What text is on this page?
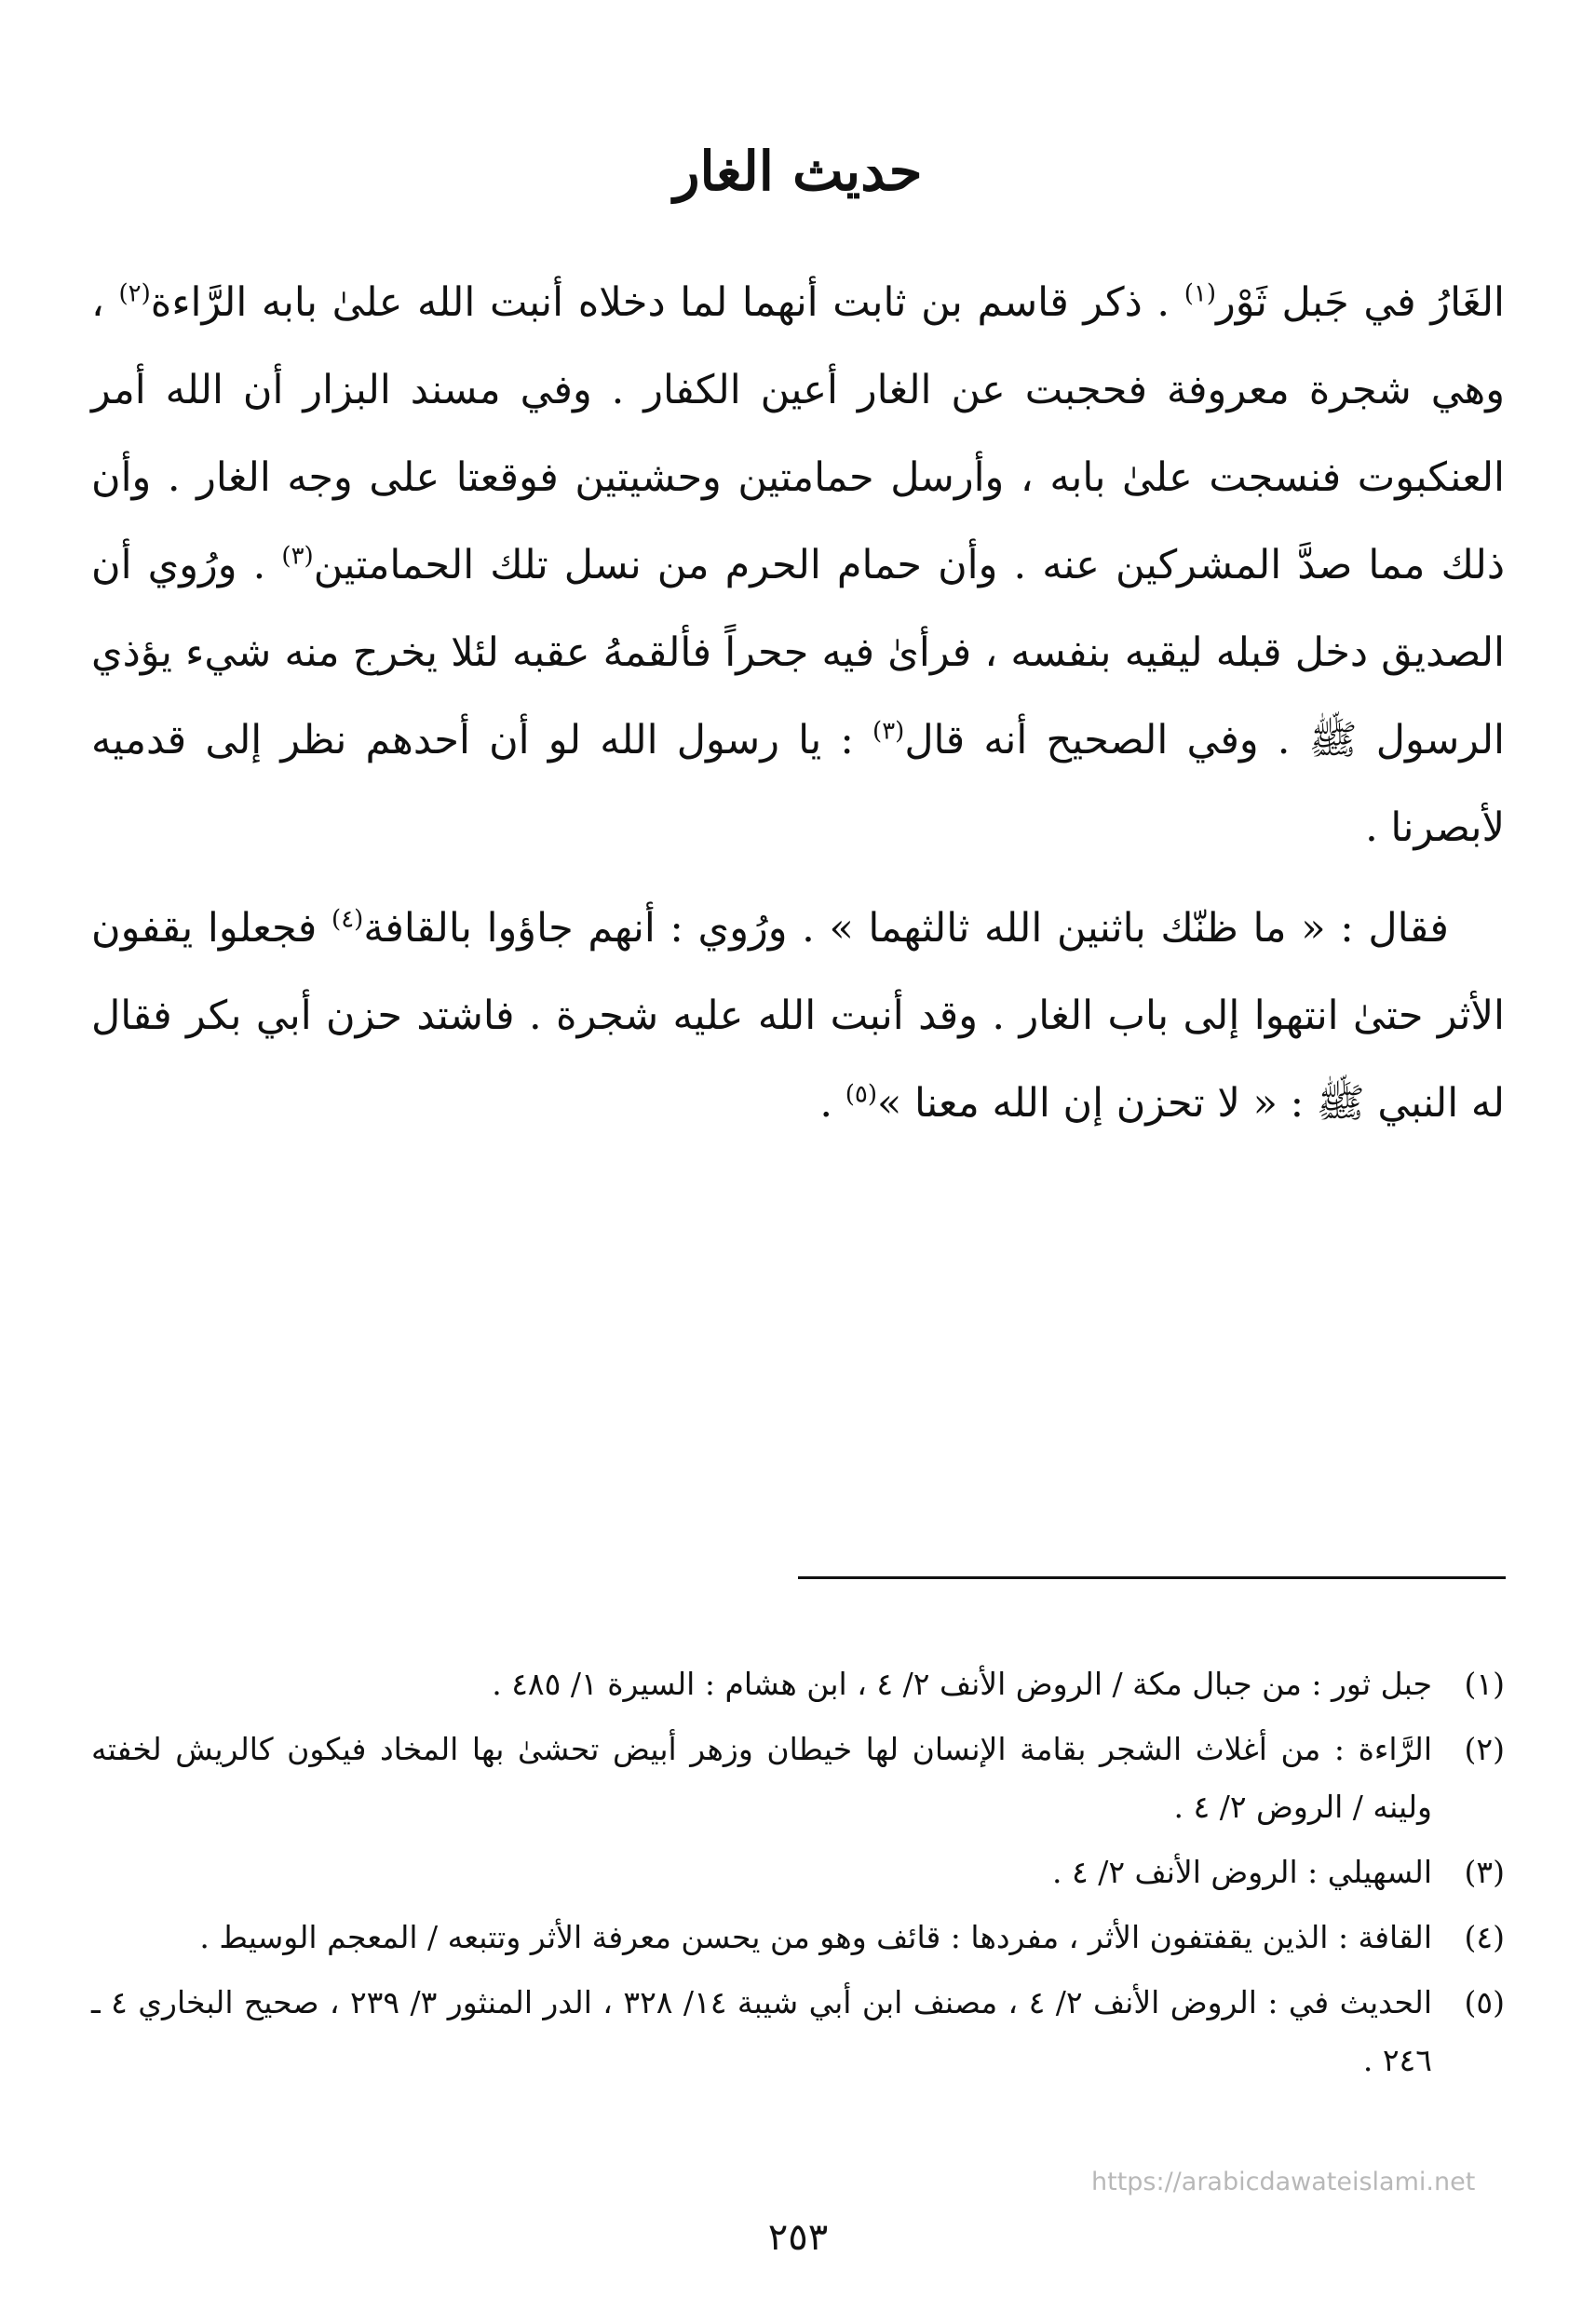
حديث الغار

الغَارُ في جَبل ثَوْر$^{(١)}$ . ذكر قاسم بن ثابت أنهما لما دخلاه أنبت الله علىٰ بابه الرَّاءة$^{(٢)}$ ، وهي شجرة معروفة فحجبت عن الغار أعين الكفار . وفي مسند البزار أن الله أمر العنكبوت فنسجت علىٰ بابه ، وأرسل حمامتين وحشيتين فوقعتا على وجه الغار . وأن ذلك مما صدَّ المشركين عنه . وأن حمام الحرم من نسل تلك الحمامتين$^{(٣)}$ . ورُوي أن الصديق دخل قبله ليقيه بنفسه ، فرأىٰ فيه جحراً فألقمهُ عقبه لئلا يخرج منه شيء يؤذي الرسول ﷺ . وفي الصحيح أنه قال$^{(٣)}$ : يا رسول الله لو أن أحدهم نظر إلى قدميه لأبصرنا .

فقال : « ما ظنّك باثنين الله ثالثهما » . ورُوي : أنهم جاؤوا بالقافة$^{(٤)}$ فجعلوا يقفون الأثر حتىٰ انتهوا إلى باب الغار . وقد أنبت الله عليه شجرة . فاشتد حزن أبي بكر فقال له النبي ﷺ : « لا تحزن إن الله معنا »$^{(٥)}$ .

(١)
جبل ثور : من جبال مكة / الروض الأنف ٢/ ٤ ، ابن هشام : السيرة ١/ ٤٨٥ .
(٢)
الرَّاءة : من أغلاث الشجر بقامة الإنسان لها خيطان وزهر أبيض تحشىٰ بها المخاد فيكون كالريش لخفته ولينه / الروض ٢/ ٤ .
(٣)
السهيلي : الروض الأنف ٢/ ٤ .
(٤)
القافة : الذين يقفتفون الأثر ، مفردها : قائف وهو من يحسن معرفة الأثر وتتبعه / المعجم الوسيط .
(٥)
الحديث في : الروض الأنف ٢/ ٤ ، مصنف ابن أبي شيبة ١٤/ ٣٢٨ ، الدر المنثور ٣/ ٢٣٩ ، صحيح البخاري ٤ ـ ٢٤٦ .
https://arabicdawateislami.net
٢٥٣
